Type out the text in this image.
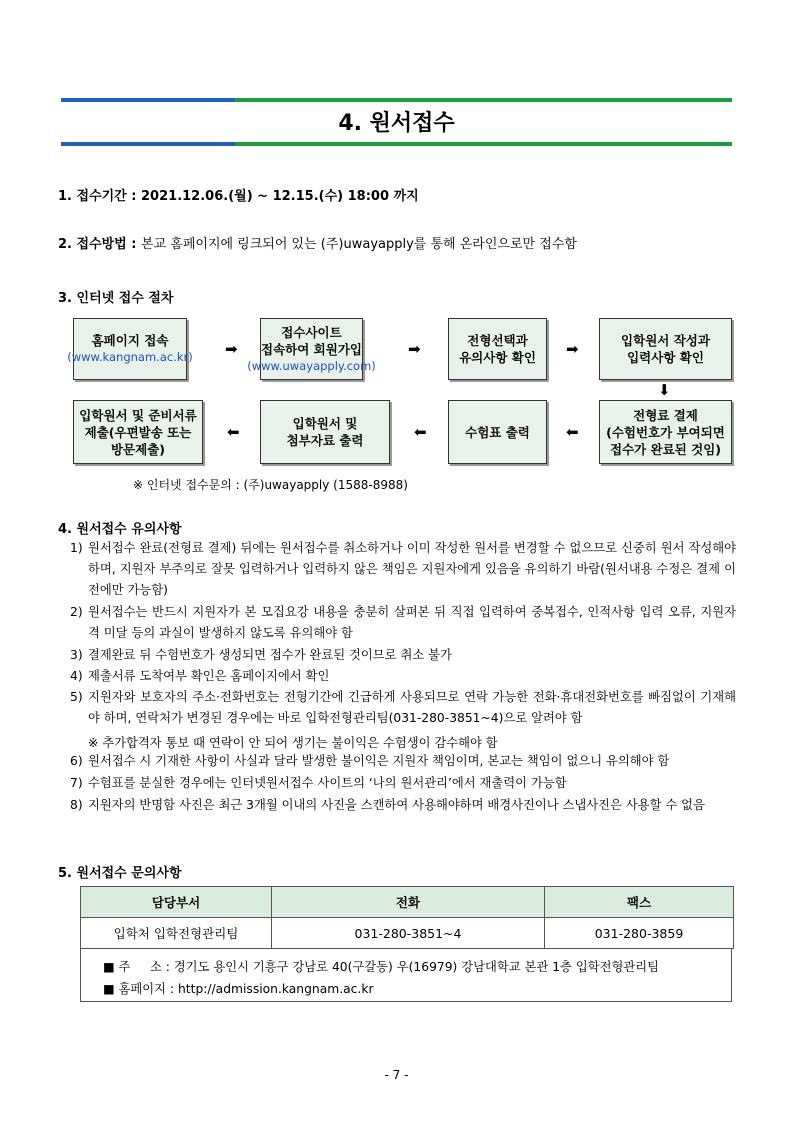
4. 원서접수
1. 접수기간 : 2021.12.06.(월) ~ 12.15.(수) 18:00 까지
2. 접수방법 : 본교 홈페이지에 링크되어 있는 (주)uwayapply를 통해 온라인으로만 접수함
3. 인터넷 접수 절차
홈페이지 접속
(www.kangnam.ac.kr) ➡
접수사이트
접속하여 회원가입
(www.uwayapply.com)
➡	전형선택과
유의사항 확인 ➡	입학원서 작성과
입력사항 확인
⬇
입학원서 및 준비서류
제출(우편발송 또는
방문제출)
⬅	입학원서 및
첨부자료 출력	⬅	수험표 출력 ⬅
전형료 결제
(수험번호가 부여되면
접수가 완료된 것임)
※ 인터넷 접수문의 : (주)uwayapply (1588-8988)
4. 원서접수 유의사항
1) 원서접수 완료(전형료 결제) 뒤에는 원서접수를 취소하거나 이미 작성한 원서를 변경할 수 없으므로 신중히 원서 작성해야 하며, 지원자 부주의로 잘못 입력하거나 입력하지 않은 책임은 지원자에게 있음을 유의하기 바람(원서내용 수정은 결제 이전에만 가능함)
2) 원서접수는 반드시 지원자가 본 모집요강 내용을 충분히 살펴본 뒤 직접 입력하여 중복접수, 인적사항 입력 오류, 지원자격 미달 등의 과실이 발생하지 않도록 유의해야 함
3) 결제완료 뒤 수험번호가 생성되면 접수가 완료된 것이므로 취소 불가
4) 제출서류 도착여부 확인은 홈페이지에서 확인
5) 지원자와 보호자의 주소·전화번호는 전형기간에 긴급하게 사용되므로 연락 가능한 전화·휴대전화번호를 빠짐없이 기재해야 하며, 연락처가 변경된 경우에는 바로 입학전형관리팀(031-280-3851~4)으로 알려야 함
※ 추가합격자 통보 때 연락이 안 되어 생기는 불이익은 수험생이 감수해야 함
6) 원서접수 시 기재한 사항이 사실과 달라 발생한 불이익은 지원자 책임이며, 본교는 책임이 없으니 유의해야 함
7) 수험표를 분실한 경우에는 인터넷원서접수 사이트의 ‘나의 원서관리’에서 재출력이 가능함
8) 지원자의 반명함 사진은 최근 3개월 이내의 사진을 스캔하여 사용해야하며 배경사진이나 스냅사진은 사용할 수 없음
5. 원서접수 문의사항
담당부서	전화	팩스
입학처 입학전형관리팀	031-280-3851~4	031-280-3859
■ 주     소 : 경기도 용인시 기흥구 강남로 40(구갈동) 우(16979) 강남대학교 본관 1층 입학전형관리팀
■ 홈페이지 : http://admission.kangnam.ac.kr
- 7 -
